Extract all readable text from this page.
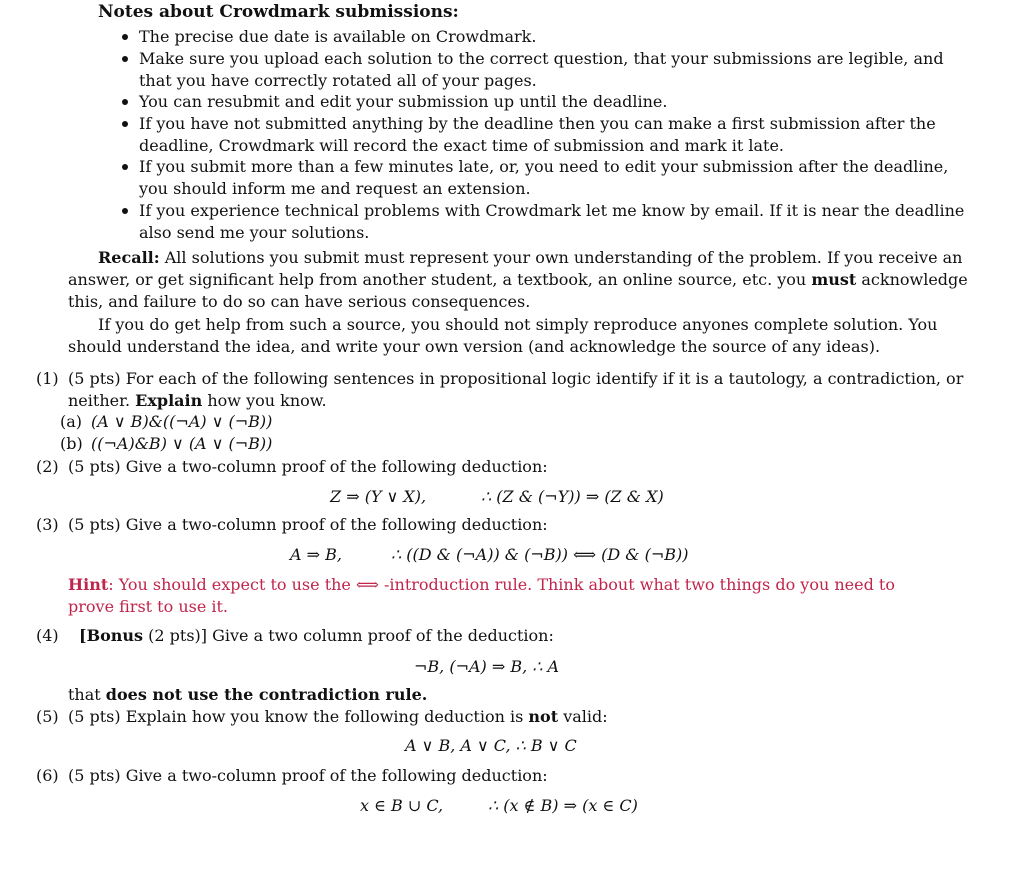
Notes about Crowdmark submissions:
The precise due date is available on Crowdmark.
Make sure you upload each solution to the correct question, that your submissions are legible, and
that you have correctly rotated all of your pages.
You can resubmit and edit your submission up until the deadline.
If you have not submitted anything by the deadline then you can make a first submission after the
deadline, Crowdmark will record the exact time of submission and mark it late.
If you submit more than a few minutes late, or, you need to edit your submission after the deadline,
you should inform me and request an extension.
If you experience technical problems with Crowdmark let me know by email. If it is near the deadline
also send me your solutions.
Recall: All solutions you submit must represent your own understanding of the problem. If you receive an
answer, or get significant help from another student, a textbook, an online source, etc. you must acknowledge
this, and failure to do so can have serious consequences.
If you do get help from such a source, you should not simply reproduce anyones complete solution. You
should understand the idea, and write your own version (and acknowledge the source of any ideas).
(1) (5 pts) For each of the following sentences in propositional logic identify if it is a tautology, a contradiction, or
neither. Explain how you know.
(a) (A ∨ B)&((¬A) ∨ (¬B))
(b) ((¬A)&B) ∨ (A ∨ (¬B))
(2) (5 pts) Give a two-column proof of the following deduction:
Z ⇒ (Y ∨ X),	∴ (Z & (¬Y)) ⇒ (Z & X)
(3) (5 pts) Give a two-column proof of the following deduction:
A ⇒ B,	∴ ((D & (¬A)) & (¬B)) ⟺ (D & (¬B))
Hint: You should expect to use the ⟺ -introduction rule. Think about what two things do you need to
prove first to use it.
(4) [Bonus (2 pts)] Give a two column proof of the deduction:
¬B, (¬A) ⇒ B, ∴ A
that does not use the contradiction rule.
(5) (5 pts) Explain how you know the following deduction is not valid:
A ∨ B, A ∨ C, ∴ B ∨ C
(6) (5 pts) Give a two-column proof of the following deduction:
x ∈ B ∪ C,	∴ (x ∉ B) ⇒ (x ∈ C)
